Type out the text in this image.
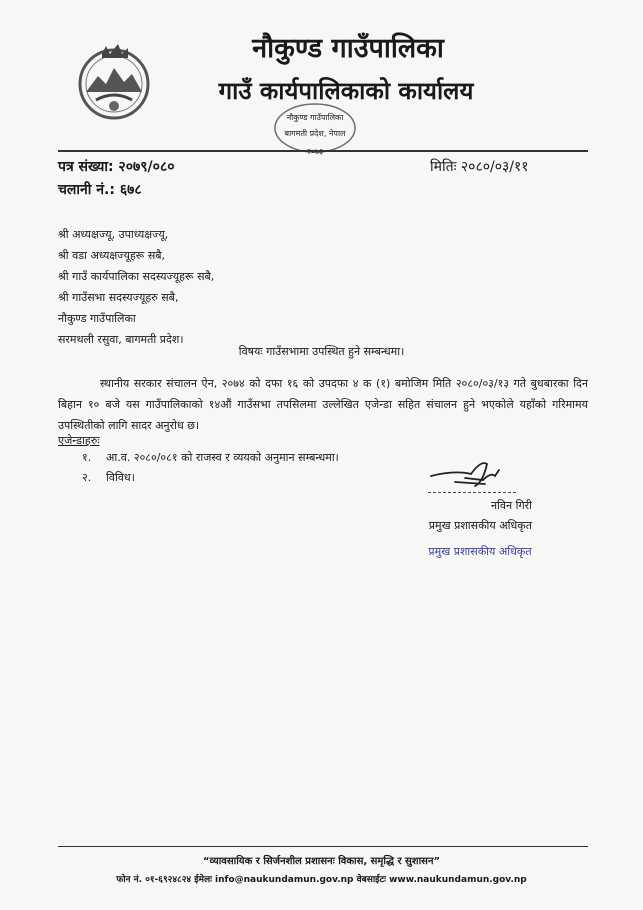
नौकुण्ड गाउँपालिका
गाउँ कार्यपालिकाको कार्यालय
नौकुण्ड गाउँपालिका
बागमती प्रदेश, नेपाल
पत्र संख्या: २०७९/०८०	मितिः २०८०/०३/११
चलानी नं.: ६७८
श्री अध्यक्षज्यू, उपाध्यक्षज्यू,
श्री वडा अध्यक्षज्यूहरू सबै,
श्री गाउँ कार्यपालिका सदस्यज्यूहरू सबै,
श्री गाउँसभा सदस्यज्यूहरु सबै,
नौकुण्ड गाउँपालिका
सरमथली रसुवा, बागमती प्रदेश।
विषयः गाउँसभामा उपस्थित हुने सम्बन्धमा।
स्थानीय सरकार संचालन ऐन, २०७४ को दफा १६ को उपदफा ४ क (१) बमोजिम मिति २०८०/०३/१३ गते बुधबारका दिन बिहान १० बजे यस गाउँपालिकाको १४औं गाउँसभा तपसिलमा उल्लेखित एजेन्डा सहित संचालन हुने भएकोले यहाँको गरिमामय उपस्थितीको लागि सादर अनुरोध छ।
एजेन्डाहरुः
१. आ.व. २०८०/०८१ को राजस्व र व्ययको अनुमान सम्बन्धमा।
२. विविध।
नविन गिरी
प्रमुख प्रशासकीय अधिकृत
प्रमुख प्रशासकीय अधिकृत
“व्यावसायिक र सिर्जनशील प्रशासनः विकास, समृद्धि र सुशासन”
फोन नं. ०१-६९२४८२४ ईमेलः info@naukundamun.gov.np वेबसाईटः www.naukundamun.gov.np
